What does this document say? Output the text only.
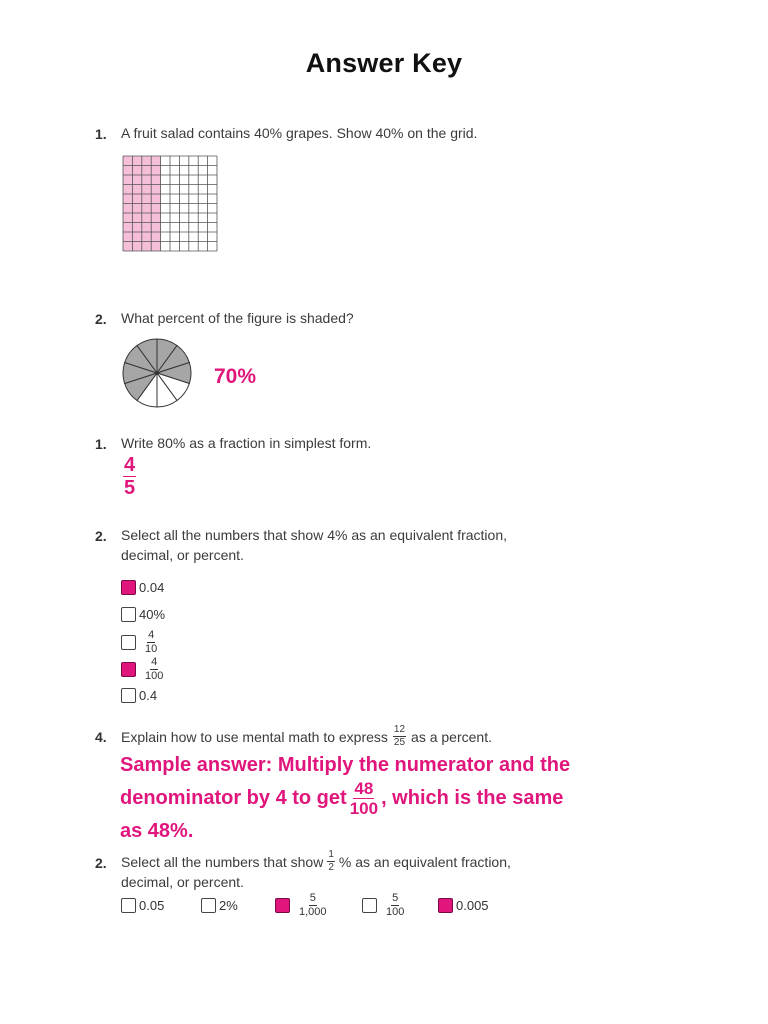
Answer Key
1. A fruit salad contains 40% grapes. Show 40% on the grid.
2. What percent of the figure is shaded?
70%
1. Write 80% as a fraction in simplest form.
$\frac{4}{5}$
2. Select all the numbers that show 4% as an equivalent fraction,
decimal, or percent.
0.04
40%
$\frac{4}{10}$
$\frac{4}{100}$
0.4
4. Explain how to use mental math to express $\frac{12}{25}$ as a percent.
Sample answer: Multiply the numerator and the
denominator by 4 to get $\frac{48}{100}$ , which is the same
as 48%.
2. Select all the numbers that show $\frac{1}{2}$ % as an equivalent fraction,
decimal, or percent.
0.05	2%	$\frac{5}{1,000}$	$\frac{5}{100}$	0.005
